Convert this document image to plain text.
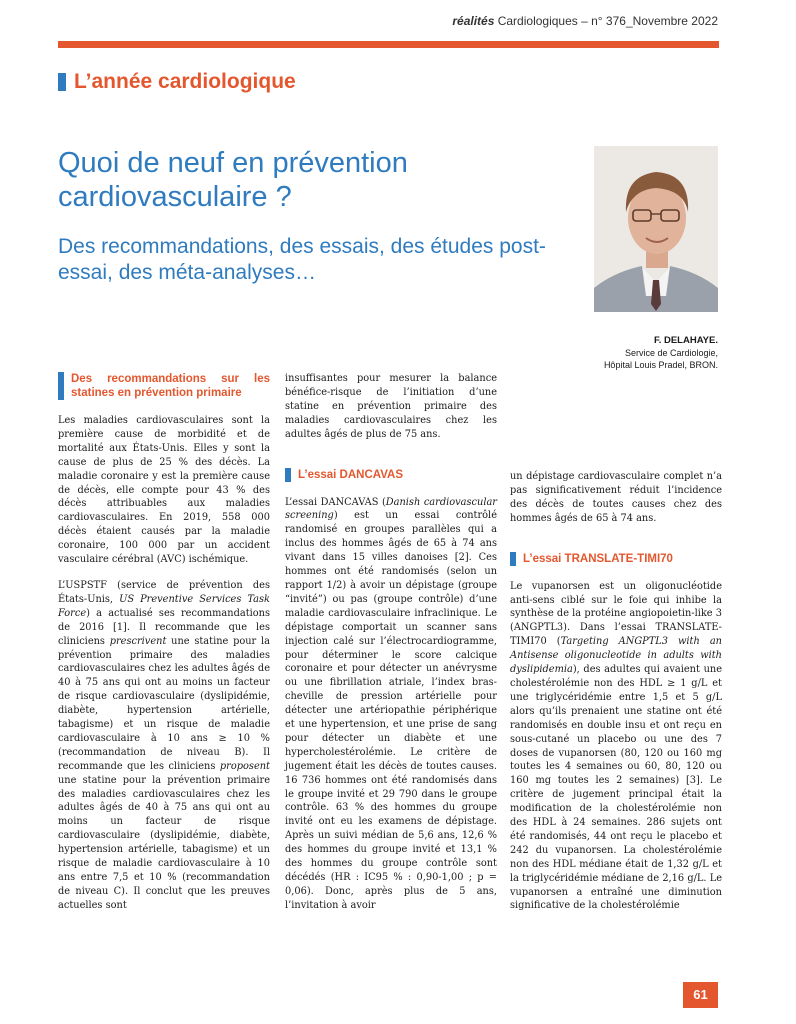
réalités Cardiologiques – n° 376_Novembre 2022
L’année cardiologique
Quoi de neuf en prévention cardiovasculaire ?
Des recommandations, des essais, des études post-essai, des méta-analyses…
F. DELAHAYE.
Service de Cardiologie,
Hôpital Louis Pradel, BRON.
Des recommandations sur les statines en prévention primaire

Les maladies cardiovasculaires sont la première cause de morbidité et de mortalité aux États-Unis. Elles y sont la cause de plus de 25 % des décès. La maladie coronaire y est la première cause de décès, elle compte pour 43 % des décès attribuables aux maladies cardiovasculaires. En 2019, 558 000 décès étaient causés par la maladie coronaire, 100 000 par un accident vasculaire cérébral (AVC) ischémique.

L’USPSTF (service de prévention des États-Unis, US Preventive Services Task Force) a actualisé ses recommandations de 2016 [1]. Il recommande que les cliniciens prescrivent une statine pour la prévention primaire des maladies cardiovasculaires chez les adultes âgés de 40 à 75 ans qui ont au moins un facteur de risque cardiovasculaire (dyslipidémie, diabète, hypertension artérielle, tabagisme) et un risque de maladie cardiovasculaire à 10 ans ≥ 10 % (recommandation de niveau B). Il recommande que les cliniciens proposent une statine pour la prévention primaire des maladies cardiovasculaires chez les adultes âgés de 40 à 75 ans qui ont au moins un facteur de risque cardiovasculaire (dyslipidémie, diabète, hypertension artérielle, tabagisme) et un risque de maladie cardiovasculaire à 10 ans entre 7,5 et 10 % (recommandation de niveau C). Il conclut que les preuves actuelles sont

insuffisantes pour mesurer la balance bénéfice-risque de l’initiation d’une statine en prévention primaire des maladies cardiovasculaires chez les adultes âgés de plus de 75 ans.

L’essai DANCAVAS

L’essai DANCAVAS (Danish cardiovascular screening) est un essai contrôlé randomisé en groupes parallèles qui a inclus des hommes âgés de 65 à 74 ans vivant dans 15 villes danoises [2]. Ces hommes ont été randomisés (selon un rapport 1/2) à avoir un dépistage (groupe “invité”) ou pas (groupe contrôle) d’une maladie cardiovasculaire infraclinique. Le dépistage comportait un scanner sans injection calé sur l’électrocardiogramme, pour déterminer le score calcique coronaire et pour détecter un anévrysme ou une fibrillation atriale, l’index bras-cheville de pression artérielle pour détecter une artériopathie périphérique et une hypertension, et une prise de sang pour détecter un diabète et une hypercholestérolémie. Le critère de jugement était les décès de toutes causes. 16 736 hommes ont été randomisés dans le groupe invité et 29 790 dans le groupe contrôle. 63 % des hommes du groupe invité ont eu les examens de dépistage. Après un suivi médian de 5,6 ans, 12,6 % des hommes du groupe invité et 13,1 % des hommes du groupe contrôle sont décédés (HR : IC95 % : 0,90-1,00 ; p = 0,06). Donc, après plus de 5 ans, l’invitation à avoir

un dépistage cardiovasculaire complet n’a pas significativement réduit l’incidence des décès de toutes causes chez des hommes âgés de 65 à 74 ans.

L’essai TRANSLATE-TIMI70

Le vupanorsen est un oligonucléotide anti-sens ciblé sur le foie qui inhibe la synthèse de la protéine angiopoietin-like 3 (ANGPTL3). Dans l’essai TRANSLATE-TIMI70 (Targeting ANGPTL3 with an Antisense oligonucleotide in adults with dyslipidemia), des adultes qui avaient une cholestérolémie non des HDL ≥ 1 g/L et une triglycéridémie entre 1,5 et 5 g/L alors qu’ils prenaient une statine ont été randomisés en double insu et ont reçu en sous-cutané un placebo ou une des 7 doses de vupanorsen (80, 120 ou 160 mg toutes les 4 semaines ou 60, 80, 120 ou 160 mg toutes les 2 semaines) [3]. Le critère de jugement principal était la modification de la cholestérolémie non des HDL à 24 semaines. 286 sujets ont été randomisés, 44 ont reçu le placebo et 242 du vupanorsen. La cholestérolémie non des HDL médiane était de 1,32 g/L et la triglycéridémie médiane de 2,16 g/L. Le vupanorsen a entraîné une diminution significative de la cholestérolémie

61
